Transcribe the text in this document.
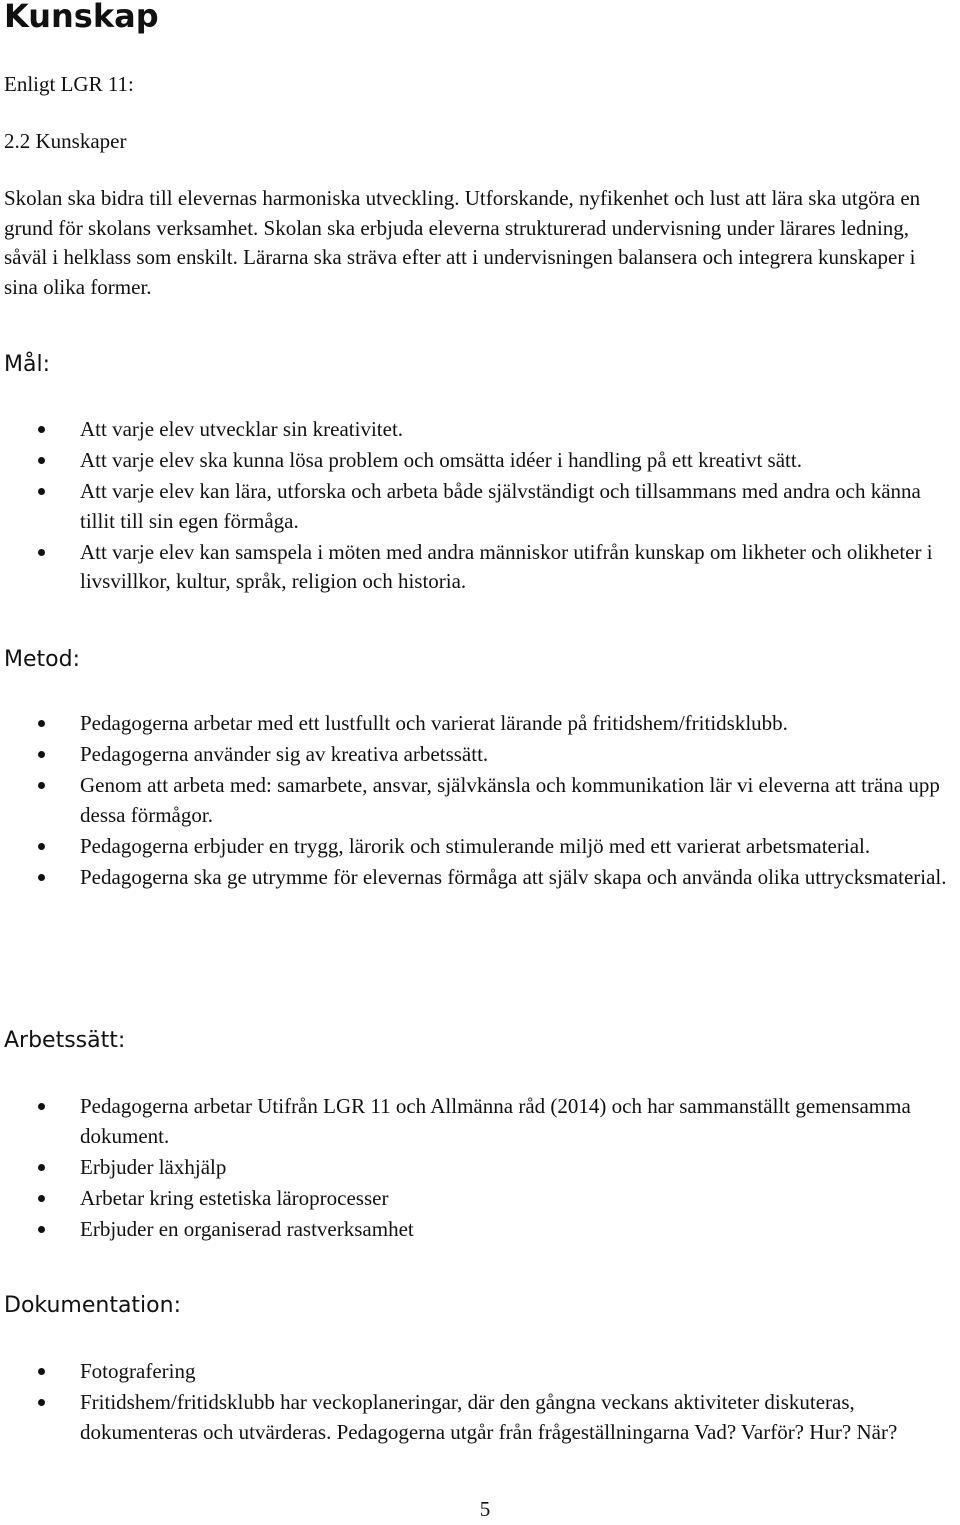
Kunskap

Enligt LGR 11:

2.2 Kunskaper

Skolan ska bidra till elevernas harmoniska utveckling. Utforskande, nyfikenhet och lust att lära ska utgöra en grund för skolans verksamhet. Skolan ska erbjuda eleverna strukturerad undervisning under lärares ledning, såväl i helklass som enskilt. Lärarna ska sträva efter att i undervisningen balansera och integrera kunskaper i sina olika former.

Mål:
Att varje elev utvecklar sin kreativitet.
Att varje elev ska kunna lösa problem och omsätta idéer i handling på ett kreativt sätt.
Att varje elev kan lära, utforska och arbeta både självständigt och tillsammans med andra och känna tillit till sin egen förmåga.
Att varje elev kan samspela i möten med andra människor utifrån kunskap om likheter och olikheter i livsvillkor, kultur, språk, religion och historia.
Metod:
Pedagogerna arbetar med ett lustfullt och varierat lärande på fritidshem/fritidsklubb.
Pedagogerna använder sig av kreativa arbetssätt.
Genom att arbeta med: samarbete, ansvar, självkänsla och kommunikation lär vi eleverna att träna upp dessa förmågor.
Pedagogerna erbjuder en trygg, lärorik och stimulerande miljö med ett varierat arbetsmaterial.
Pedagogerna ska ge utrymme för elevernas förmåga att själv skapa och använda olika uttrycksmaterial.
Arbetssätt:
Pedagogerna arbetar Utifrån LGR 11 och Allmänna råd (2014) och har sammanställt gemensamma dokument.
Erbjuder läxhjälp
Arbetar kring estetiska läroprocesser
Erbjuder en organiserad rastverksamhet
Dokumentation:
Fotografering
Fritidshem/fritidsklubb har veckoplaneringar, där den gångna veckans aktiviteter diskuteras, dokumenteras och utvärderas. Pedagogerna utgår från frågeställningarna Vad? Varför? Hur? När?

5
